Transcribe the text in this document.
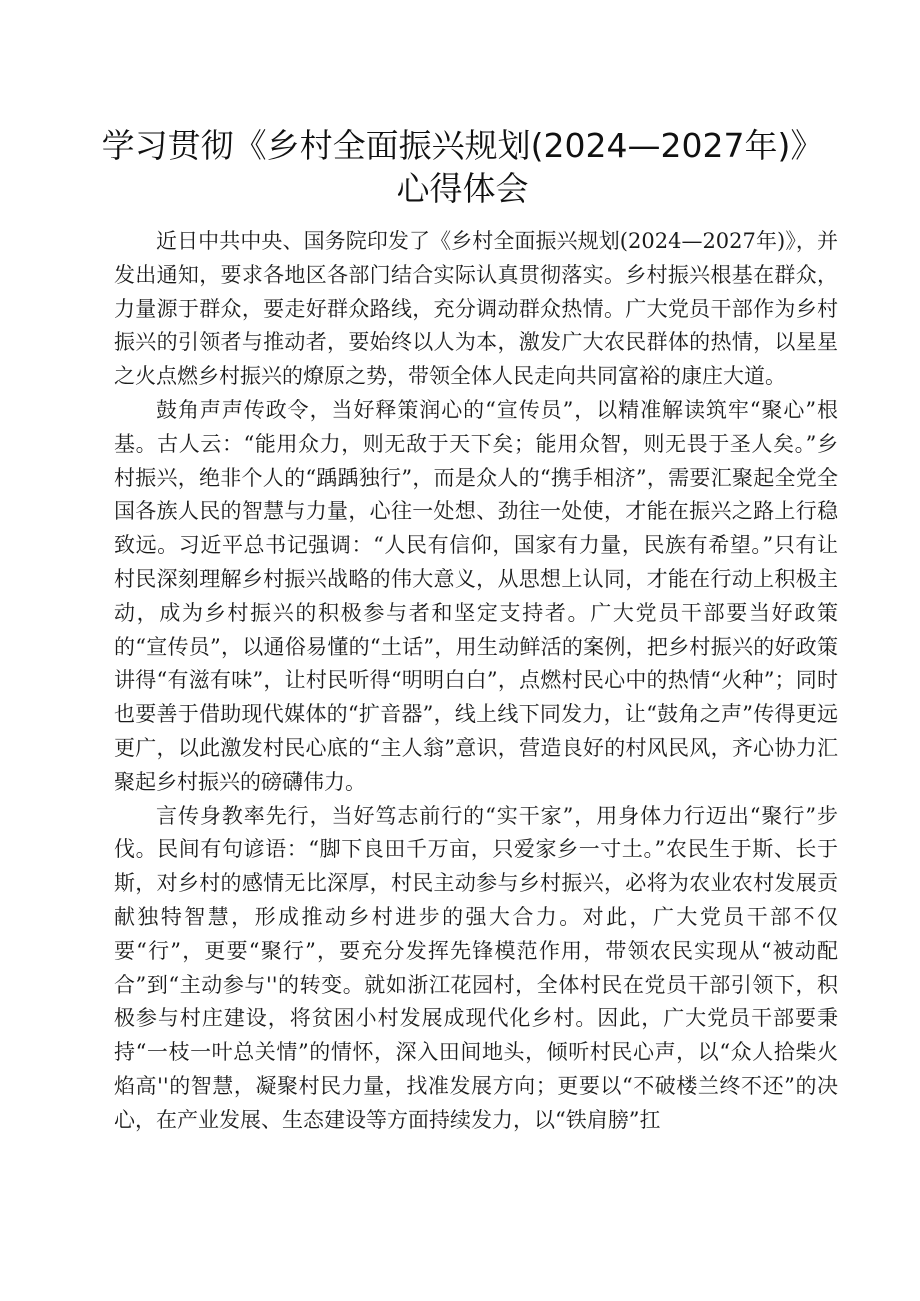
学习贯彻《乡村全面振兴规划(2024—2027年)》心得体会

近日中共中央、国务院印发了《乡村全面振兴规划(2024—2027年)》，并发出通知，要求各地区各部门结合实际认真贯彻落实。乡村振兴根基在群众，力量源于群众，要走好群众路线，充分调动群众热情。广大党员干部作为乡村振兴的引领者与推动者，要始终以人为本，激发广大农民群体的热情，以星星之火点燃乡村振兴的燎原之势，带领全体人民走向共同富裕的康庄大道。

鼓角声声传政令，当好释策润心的“宣传员”，以精准解读筑牢“聚心”根基。古人云：“能用众力，则无敌于天下矣；能用众智，则无畏于圣人矣。”乡村振兴，绝非个人的“踽踽独行”，而是众人的“携手相济”，需要汇聚起全党全国各族人民的智慧与力量，心往一处想、劲往一处使，才能在振兴之路上行稳致远。习近平总书记强调：“人民有信仰，国家有力量，民族有希望。”只有让村民深刻理解乡村振兴战略的伟大意义，从思想上认同，才能在行动上积极主动，成为乡村振兴的积极参与者和坚定支持者。广大党员干部要当好政策的“宣传员”，以通俗易懂的“土话”，用生动鲜活的案例，把乡村振兴的好政策讲得“有滋有味”，让村民听得“明明白白”，点燃村民心中的热情“火种”；同时也要善于借助现代媒体的“扩音器”，线上线下同发力，让“鼓角之声”传得更远更广，以此激发村民心底的“主人翁”意识，营造良好的村风民风，齐心协力汇聚起乡村振兴的磅礴伟力。

言传身教率先行，当好笃志前行的“实干家”，用身体力行迈出“聚行”步伐。民间有句谚语：“脚下良田千万亩，只爱家乡一寸土。”农民生于斯、长于斯，对乡村的感情无比深厚，村民主动参与乡村振兴，必将为农业农村发展贡献独特智慧，形成推动乡村进步的强大合力。对此，广大党员干部不仅要“行”，更要“聚行”，要充分发挥先锋模范作用，带领农民实现从“被动配合”到“主动参与''的转变。就如浙江花园村，全体村民在党员干部引领下，积极参与村庄建设，将贫困小村发展成现代化乡村。因此，广大党员干部要秉持“一枝一叶总关情”的情怀，深入田间地头，倾听村民心声，以“众人拾柴火焰高''的智慧，凝聚村民力量，找准发展方向；更要以“不破楼兰终不还”的决心，在产业发展、生态建设等方面持续发力，以“铁肩膀”扛
